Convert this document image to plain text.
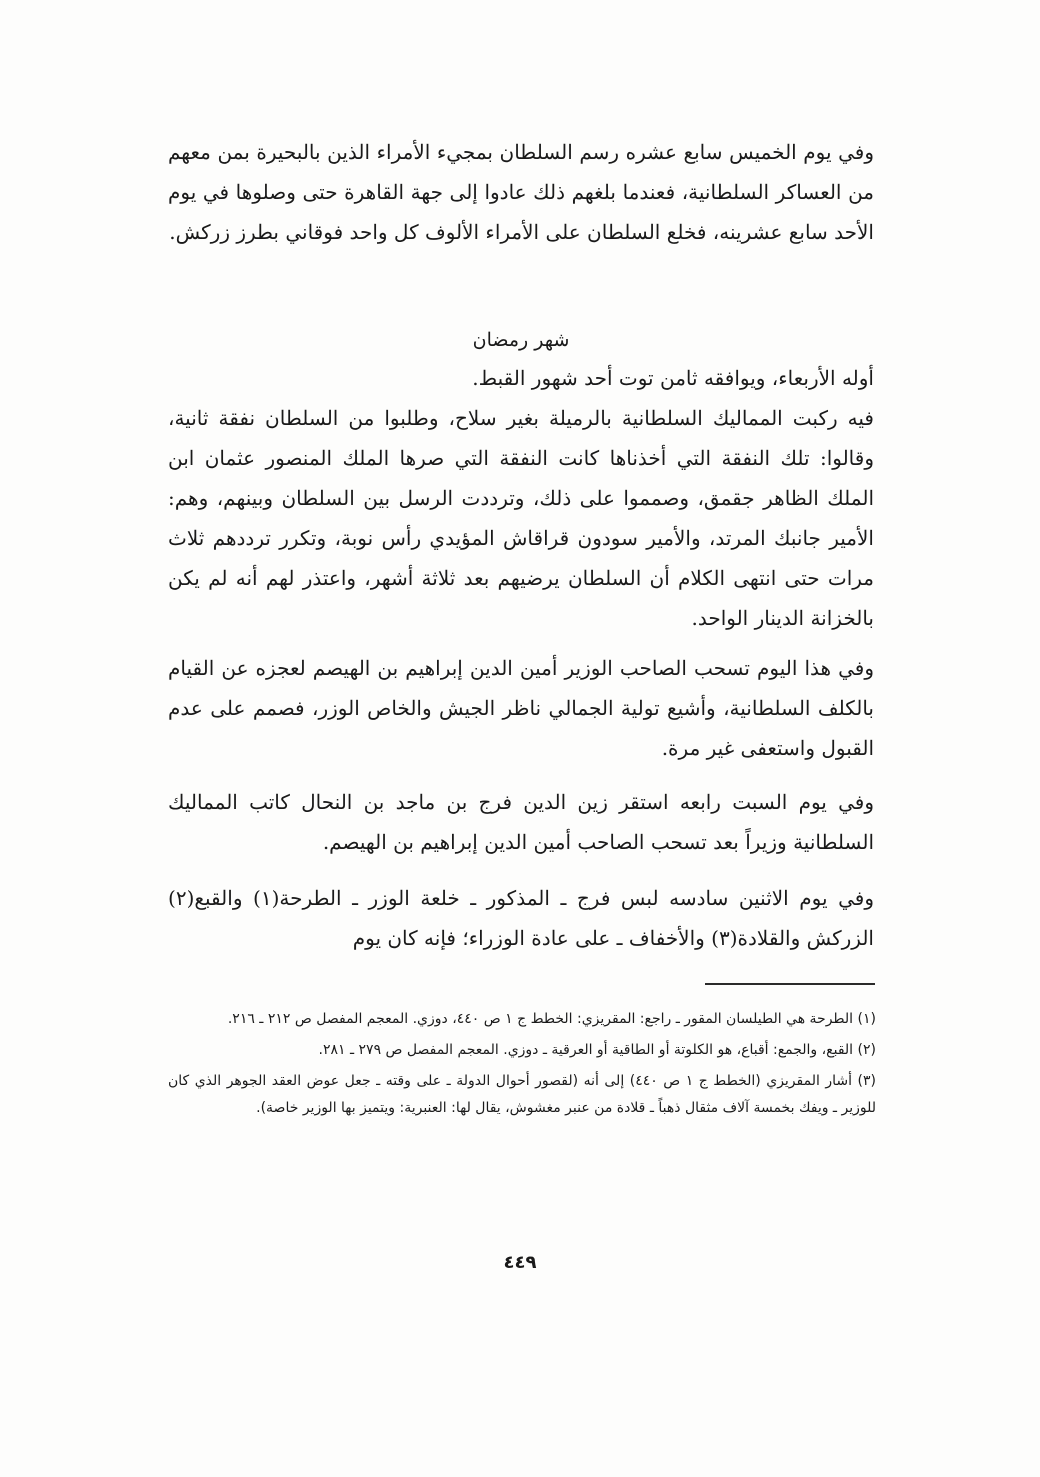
وفي يوم الخميس سابع عشره رسم السلطان بمجيء الأمراء الذين بالبحيرة بمن معهم من العساكر السلطانية، فعندما بلغهم ذلك عادوا إلى جهة القاهرة حتى وصلوها في يوم الأحد سابع عشرينه، فخلع السلطان على الأمراء الألوف كل واحد فوقاني بطرز زركش.

شهر رمضان

أوله الأربعاء، ويوافقه ثامن توت أحد شهور القبط.

فيه ركبت المماليك السلطانية بالرميلة بغير سلاح، وطلبوا من السلطان نفقة ثانية، وقالوا: تلك النفقة التي أخذناها كانت النفقة التي صرها الملك المنصور عثمان ابن الملك الظاهر جقمق، وصمموا على ذلك، وترددت الرسل بين السلطان وبينهم، وهم: الأمير جانبك المرتد، والأمير سودون قراقاش المؤيدي رأس نوبة، وتكرر ترددهم ثلاث مرات حتى انتهى الكلام أن السلطان يرضيهم بعد ثلاثة أشهر، واعتذر لهم أنه لم يكن بالخزانة الدينار الواحد.

وفي هذا اليوم تسحب الصاحب الوزير أمين الدين إبراهيم بن الهيصم لعجزه عن القيام بالكلف السلطانية، وأشيع تولية الجمالي ناظر الجيش والخاص الوزر، فصمم على عدم القبول واستعفى غير مرة.

وفي يوم السبت رابعه استقر زين الدين فرج بن ماجد بن النحال كاتب المماليك السلطانية وزيراً بعد تسحب الصاحب أمين الدين إبراهيم بن الهيصم.

وفي يوم الاثنين سادسه لبس فرج ـ المذكور ـ خلعة الوزر ـ الطرحة(١) والقبع(٢) الزركش والقلادة(٣) والأخفاف ـ على عادة الوزراء؛ فإنه كان يوم

(١) الطرحة هي الطيلسان المقور ـ راجع: المقريزي: الخطط ج ١ ص ٤٤٠، دوزي. المعجم المفصل ص ٢١٢ ـ ٢١٦.

(٢) القبع، والجمع: أقباع، هو الكلوتة أو الطاقية أو العرقية ـ دوزي. المعجم المفصل ص ٢٧٩ ـ ٢٨١.

(٣) أشار المقريزي (الخطط ج ١ ص ٤٤٠) إلى أنه (لقصور أحوال الدولة ـ على وقته ـ جعل عوض العقد الجوهر الذي كان للوزير ـ ويفك بخمسة آلاف مثقال ذهباً ـ قلادة من عنبر مغشوش، يقال لها: العنبرية: ويتميز بها الوزير خاصة).

٤٤٩
